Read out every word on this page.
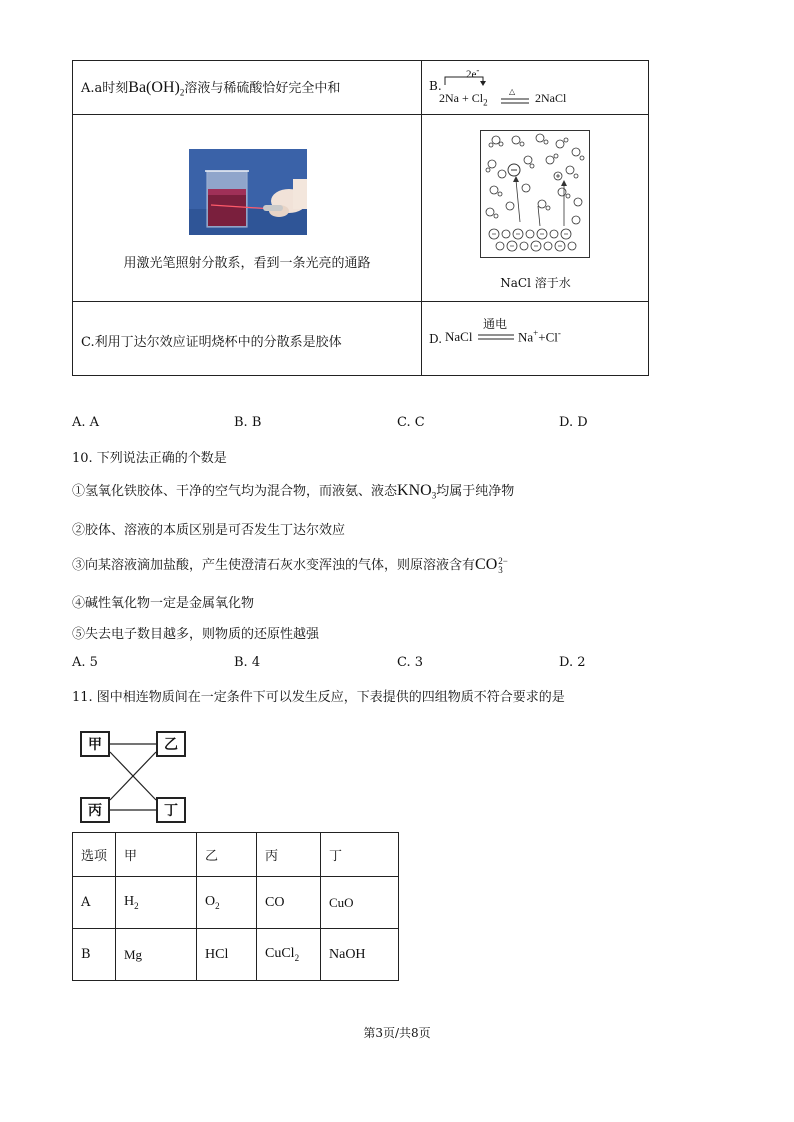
A.a时刻$Ba(OH)_2$溶液与稀硫酸恰好完全中和	B.
2e-
$2Na + Cl_2$
△ 2NaCl
用激光笔照射分散系，看到一条光亮的通路
NaCl 溶于水
C.利用丁达尔效应证明烧杯中的分散系是胶体	D. NaCl
通电
Na++Cl-
A. A	B. B	C. C	D. D
10. 下列说法正确的个数是
①氢氧化铁胶体、干净的空气均为混合物，而液氨、液态$KNO_3$均属于纯净物
②胶体、溶液的本质区别是可否发生丁达尔效应
③向某溶液滴加盐酸，产生使澄清石灰水变浑浊的气体，则原溶液含有CO 2−
3
④碱性氧化物一定是金属氧化物
⑤失去电子数目越多，则物质的还原性越强
A. 5	B. 4	C. 3	D. 2
11. 图中相连物质间在一定条件下可以发生反应，下表提供的四组物质不符合要求的是
甲	乙
丙	丁
选项	甲	乙	丙	丁
A	$H_2$	$O_2$	CO	CuO
B	Mg	HCl	CuCl$_2$	NaOH
第3页/共8页
